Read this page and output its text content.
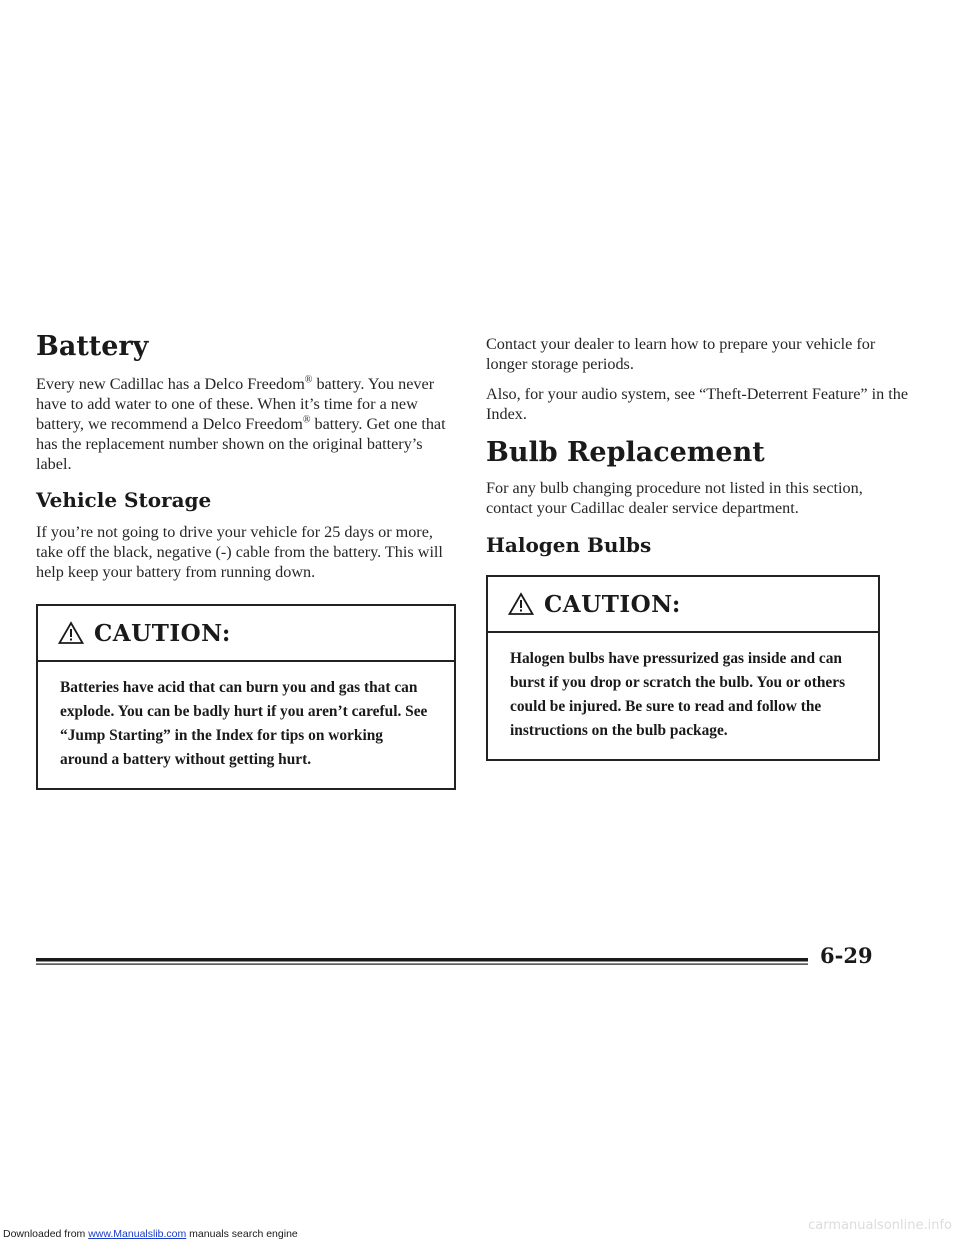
Battery

Every new Cadillac has a Delco Freedom® battery. You never have to add water to one of these. When it’s time for a new battery, we recommend a Delco Freedom® battery. Get one that has the replacement number shown on the original battery’s label.

Vehicle Storage

If you’re not going to drive your vehicle for 25 days or more, take off the black, negative (-) cable from the battery. This will help keep your battery from running down.

CAUTION:
Batteries have acid that can burn you and gas that can explode. You can be badly hurt if you aren’t careful. See “Jump Starting” in the Index for tips on working around a battery without getting hurt.

Contact your dealer to learn how to prepare your vehicle for longer storage periods.

Also, for your audio system, see “Theft-Deterrent Feature” in the Index.

Bulb Replacement

For any bulb changing procedure not listed in this section, contact your Cadillac dealer service department.

Halogen Bulbs
CAUTION:
Halogen bulbs have pressurized gas inside and can burst if you drop or scratch the bulb. You or others could be injured. Be sure to read and follow the instructions on the bulb package.
6-29
Downloaded from www.Manualslib.com manuals search engine
carmanualsonline.info
